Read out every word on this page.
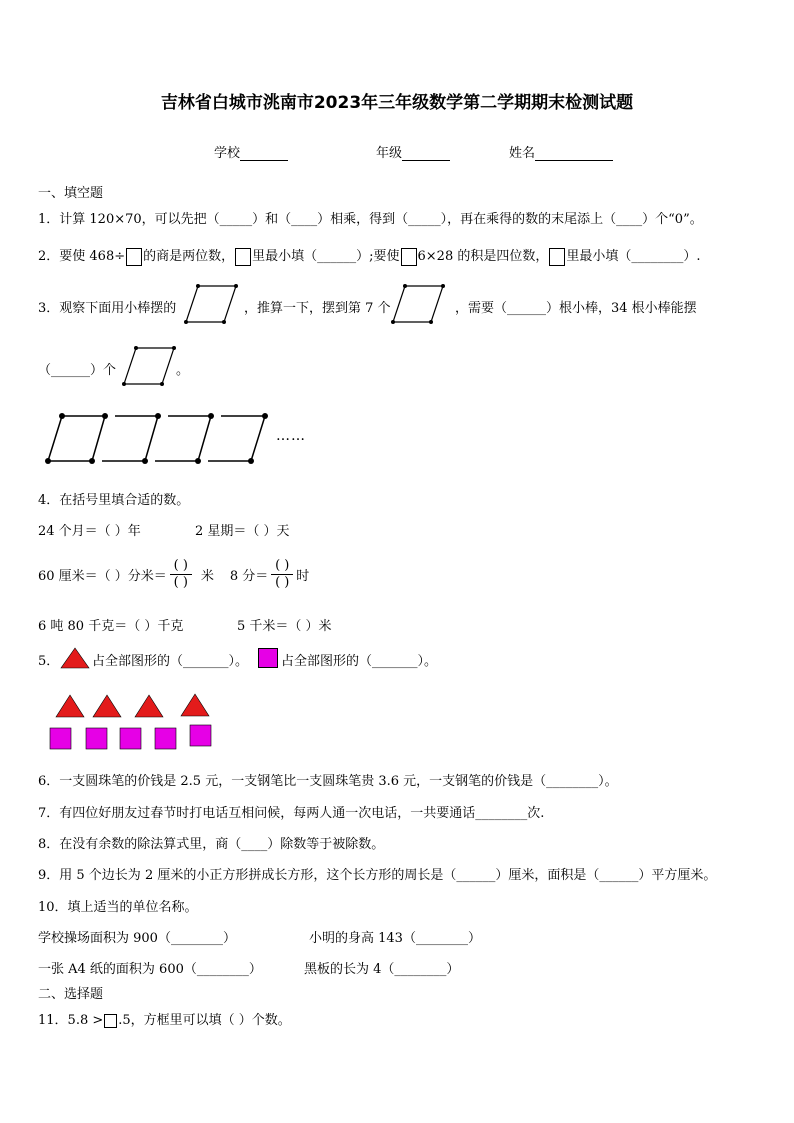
吉林省白城市洮南市2023年三年级数学第二学期期末检测试题
学校	年级	姓名
一、填空题
1．计算 120×70，可以先把（_____）和（____）相乘，得到（_____），再在乘得的数的末尾添上（____）个“0”。
2．要使 468÷ 的商是两位数， 里最小填（______）;要使 6×28 的积是四位数， 里最小填（________）.
3．观察下面用小棒摆的	，推算一下，摆到第 7 个	，需要（______）根小棒，34 根小棒能摆
（______）个	。
……
4．在括号里填合适的数。
24 个月＝（ ）年	2 星期＝（ ）天
60 厘米＝（ ）分米＝ $\frac{( )}{( )}$ 米 8 分＝ $\frac{( )}{( )}$ 时
6 吨 80 千克＝（ ）千克	5 千米＝（ ）米
5．	占全部图形的（_______）。	占全部图形的（_______）。
6．一支圆珠笔的价钱是 2.5 元，一支钢笔比一支圆珠笔贵 3.6 元，一支钢笔的价钱是（________）。
7．有四位好朋友过春节时打电话互相问候，每两人通一次电话，一共要通话________次.
8．在没有余数的除法算式里，商（____）除数等于被除数。
9．用 5 个边长为 2 厘米的小正方形拼成长方形，这个长方形的周长是（______）厘米，面积是（______）平方厘米。
10．填上适当的单位名称。
学校操场面积为 900（________）	小明的身高 143（________）
一张 A4 纸的面积为 600（________）	黑板的长为 4（________）
二、选择题
11．5.8 > .5，方框里可以填（ ）个数。
